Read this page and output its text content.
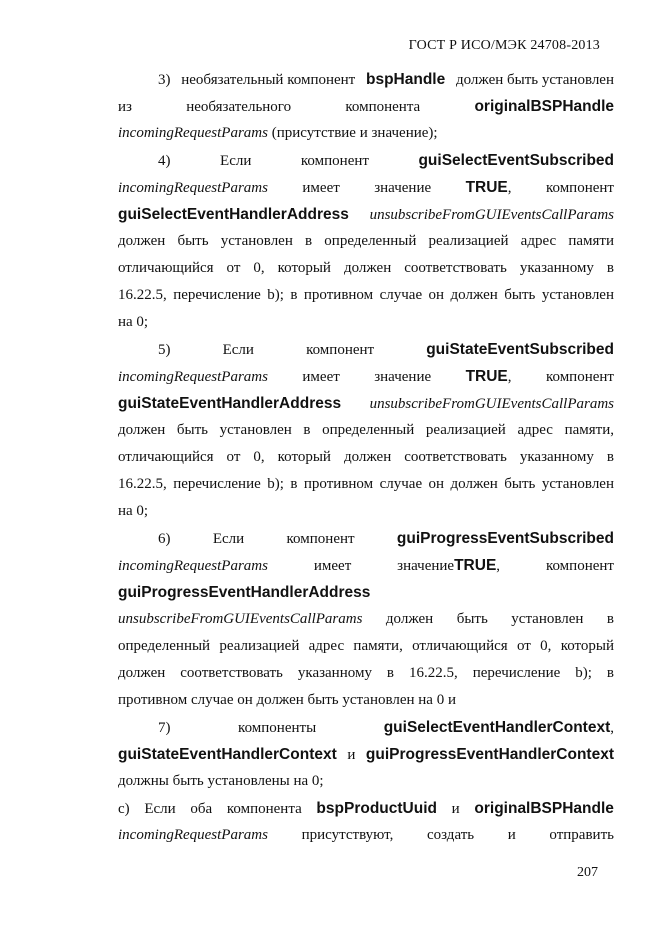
ГОСТ Р ИСО/МЭК 24708-2013
3) необязательный компонент bspHandle должен быть установлен
из	необязательного	компонента	originalBSPHandle
incomingRequestParams (присутствие и значение);
4)	Если	компонент	guiSelectEventSubscribed
incomingRequestParams имеет значение TRUE, компонент
guiSelectEventHandlerAddress unsubscribeFromGUIEventsCallParams
должен быть установлен в определенный реализацией адрес памяти
отличающийся от 0, который должен соответствовать указанному в
16.22.5, перечисление b); в противном случае он должен быть установлен
на 0;
5)	Если	компонент	guiStateEventSubscribed
incomingRequestParams имеет значение TRUE, компонент
guiStateEventHandlerAddress unsubscribeFromGUIEventsCallParams
должен быть установлен в определенный реализацией адрес памяти,
отличающийся от 0, который должен соответствовать указанному в
16.22.5, перечисление b); в противном случае он должен быть установлен
на 0;
6)	Если	компонент	guiProgressEventSubscribed
incomingRequestParams	имеет	значениеTRUE,	компонент
guiProgressEventHandlerAddress
unsubscribeFromGUIEventsCallParams должен быть установлен в
определенный реализацией адрес памяти, отличающийся от 0, который
должен соответствовать указанному в 16.22.5, перечисление b); в
противном случае он должен быть установлен на 0 и
7)	компоненты	guiSelectEventHandlerContext,
guiStateEventHandlerContext и guiProgressEventHandlerContext
должны быть установлены на 0;
c) Если оба компонента bspProductUuid и originalBSPHandle
incomingRequestParams присутствуют, создать и отправить
207
